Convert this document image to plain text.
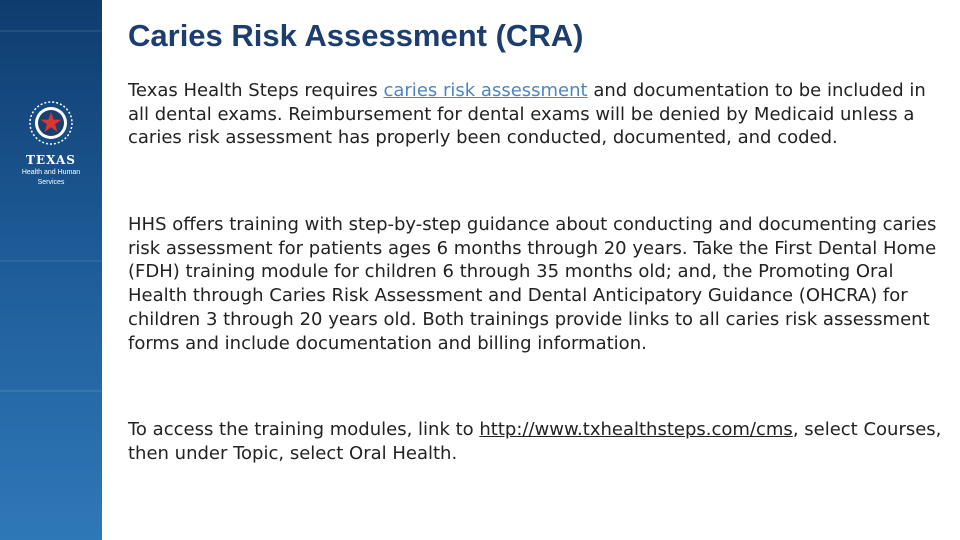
TEXAS
Health and Human
Services
Caries Risk Assessment (CRA)

Texas Health Steps requires caries risk assessment and documentation to be included in all dental exams. Reimbursement for dental exams will be denied by Medicaid unless a caries risk assessment has properly been conducted, documented, and coded.

HHS offers training with step-by-step guidance about conducting and documenting caries risk assessment for patients ages 6 months through 20 years. Take the First Dental Home (FDH) training module for children 6 through 35 months old; and, the Promoting Oral Health through Caries Risk Assessment and Dental Anticipatory Guidance (OHCRA) for children 3 through 20 years old. Both trainings provide links to all caries risk assessment forms and include documentation and billing information.

To access the training modules, link to http://www.txhealthsteps.com/cms, select Courses, then under Topic, select Oral Health.
